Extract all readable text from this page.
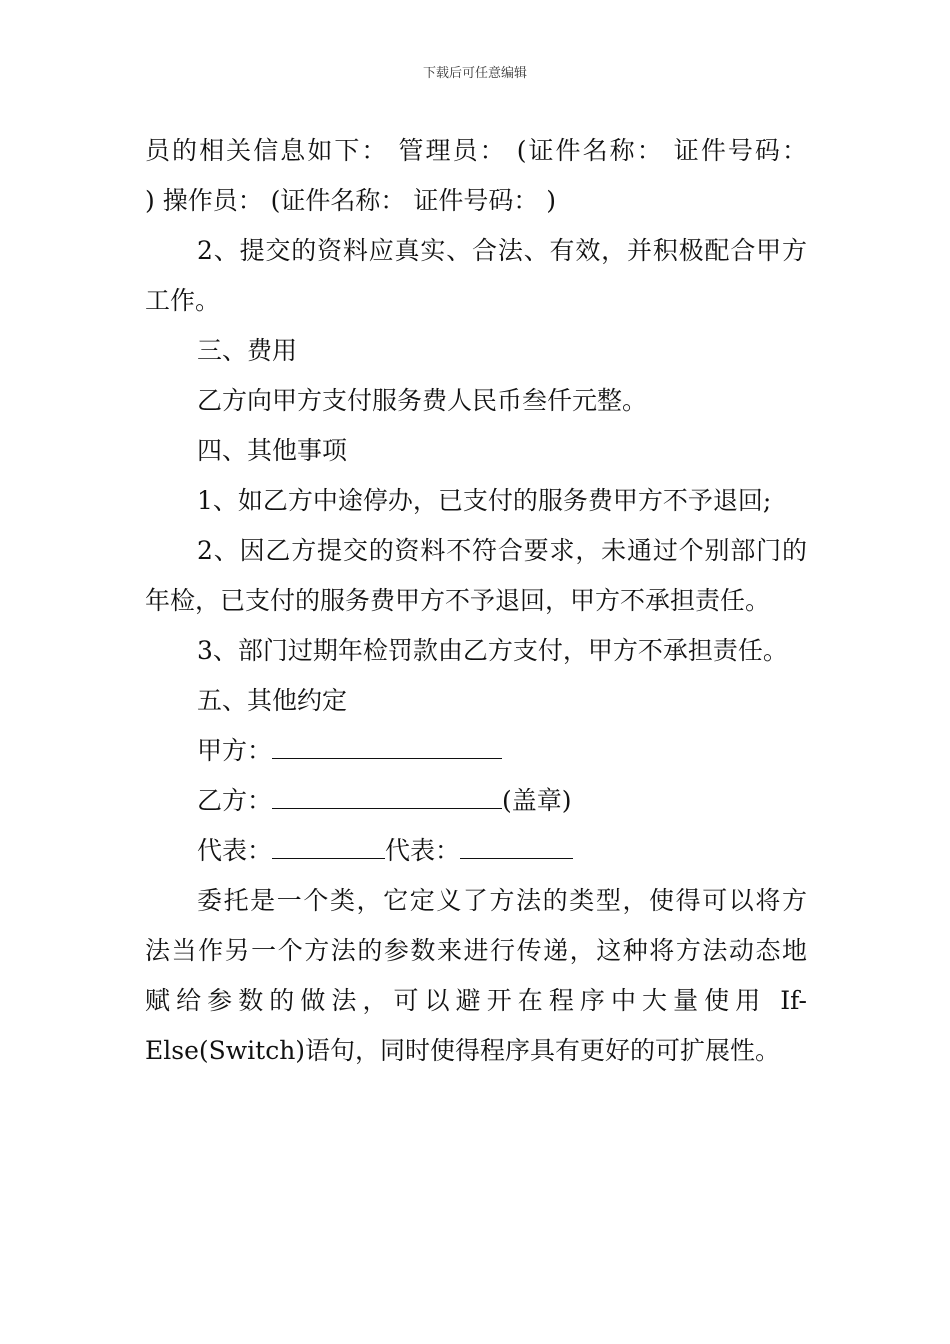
下载后可任意编辑
员的相关信息如下： 管理员： (证件名称： 证件号码：
) 操作员： (证件名称： 证件号码： )
2、提交的资料应真实、合法、有效，并积极配合甲方
工作。
三、费用
乙方向甲方支付服务费人民币叁仟元整。
四、其他事项
1、如乙方中途停办，已支付的服务费甲方不予退回;
2、因乙方提交的资料不符合要求，未通过个别部门的
年检，已支付的服务费甲方不予退回，甲方不承担责任。
3、部门过期年检罚款由乙方支付，甲方不承担责任。
五、其他约定
甲方：
乙方：	(盖章)
代表：	代表：
委托是一个类，它定义了方法的类型，使得可以将方
法当作另一个方法的参数来进行传递，这种将方法动态地
赋给参数的做法，可以避开在程序中大量使用 If-
Else(Switch)语句，同时使得程序具有更好的可扩展性。
